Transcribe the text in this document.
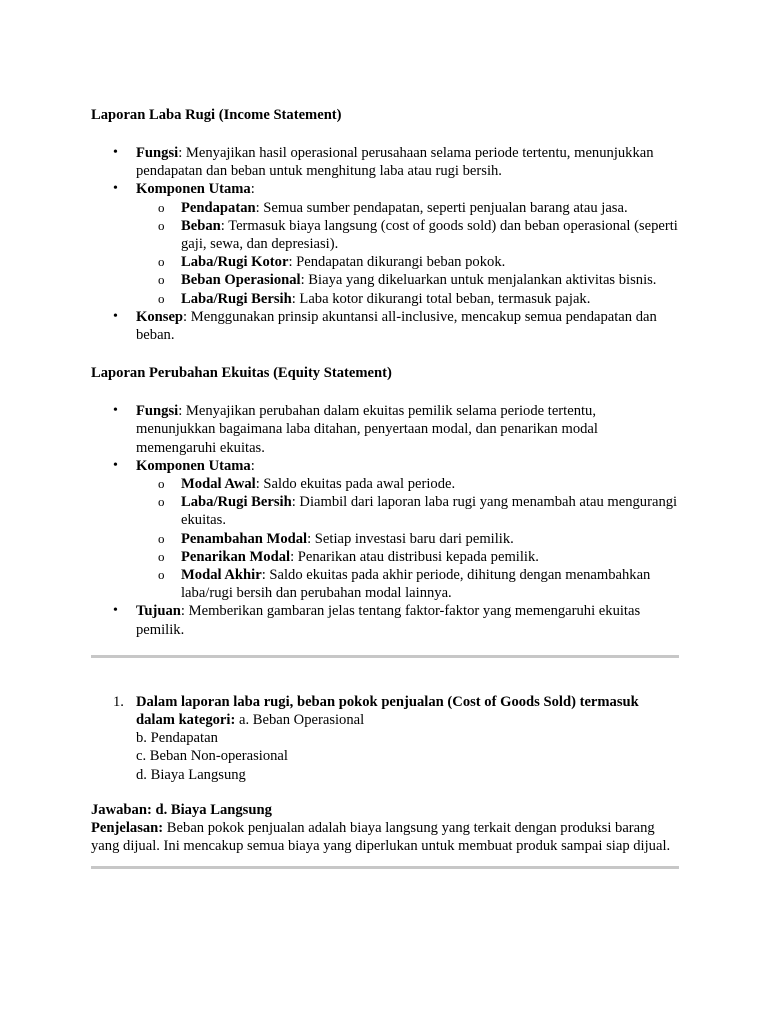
Laporan Laba Rugi (Income Statement)

• Fungsi: Menyajikan hasil operasional perusahaan selama periode tertentu, menunjukkan pendapatan dan beban untuk menghitung laba atau rugi bersih.
• Komponen Utama:
o Pendapatan: Semua sumber pendapatan, seperti penjualan barang atau jasa.
o Beban: Termasuk biaya langsung (cost of goods sold) dan beban operasional (seperti gaji, sewa, dan depresiasi).
o Laba/Rugi Kotor: Pendapatan dikurangi beban pokok.
o Beban Operasional: Biaya yang dikeluarkan untuk menjalankan aktivitas bisnis.
o Laba/Rugi Bersih: Laba kotor dikurangi total beban, termasuk pajak.
• Konsep: Menggunakan prinsip akuntansi all-inclusive, mencakup semua pendapatan dan beban.

Laporan Perubahan Ekuitas (Equity Statement)

• Fungsi: Menyajikan perubahan dalam ekuitas pemilik selama periode tertentu, menunjukkan bagaimana laba ditahan, penyertaan modal, dan penarikan modal memengaruhi ekuitas.
• Komponen Utama:
o Modal Awal: Saldo ekuitas pada awal periode.
o Laba/Rugi Bersih: Diambil dari laporan laba rugi yang menambah atau mengurangi ekuitas.
o Penambahan Modal: Setiap investasi baru dari pemilik.
o Penarikan Modal: Penarikan atau distribusi kepada pemilik.
o Modal Akhir: Saldo ekuitas pada akhir periode, dihitung dengan menambahkan laba/rugi bersih dan perubahan modal lainnya.
• Tujuan: Memberikan gambaran jelas tentang faktor-faktor yang memengaruhi ekuitas pemilik.
1. Dalam laporan laba rugi, beban pokok penjualan (Cost of Goods Sold) termasuk dalam kategori: a. Beban Operasional
b. Pendapatan
c. Beban Non-operasional
d. Biaya Langsung

Jawaban: d. Biaya Langsung

Penjelasan: Beban pokok penjualan adalah biaya langsung yang terkait dengan produksi barang yang dijual. Ini mencakup semua biaya yang diperlukan untuk membuat produk sampai siap dijual.
